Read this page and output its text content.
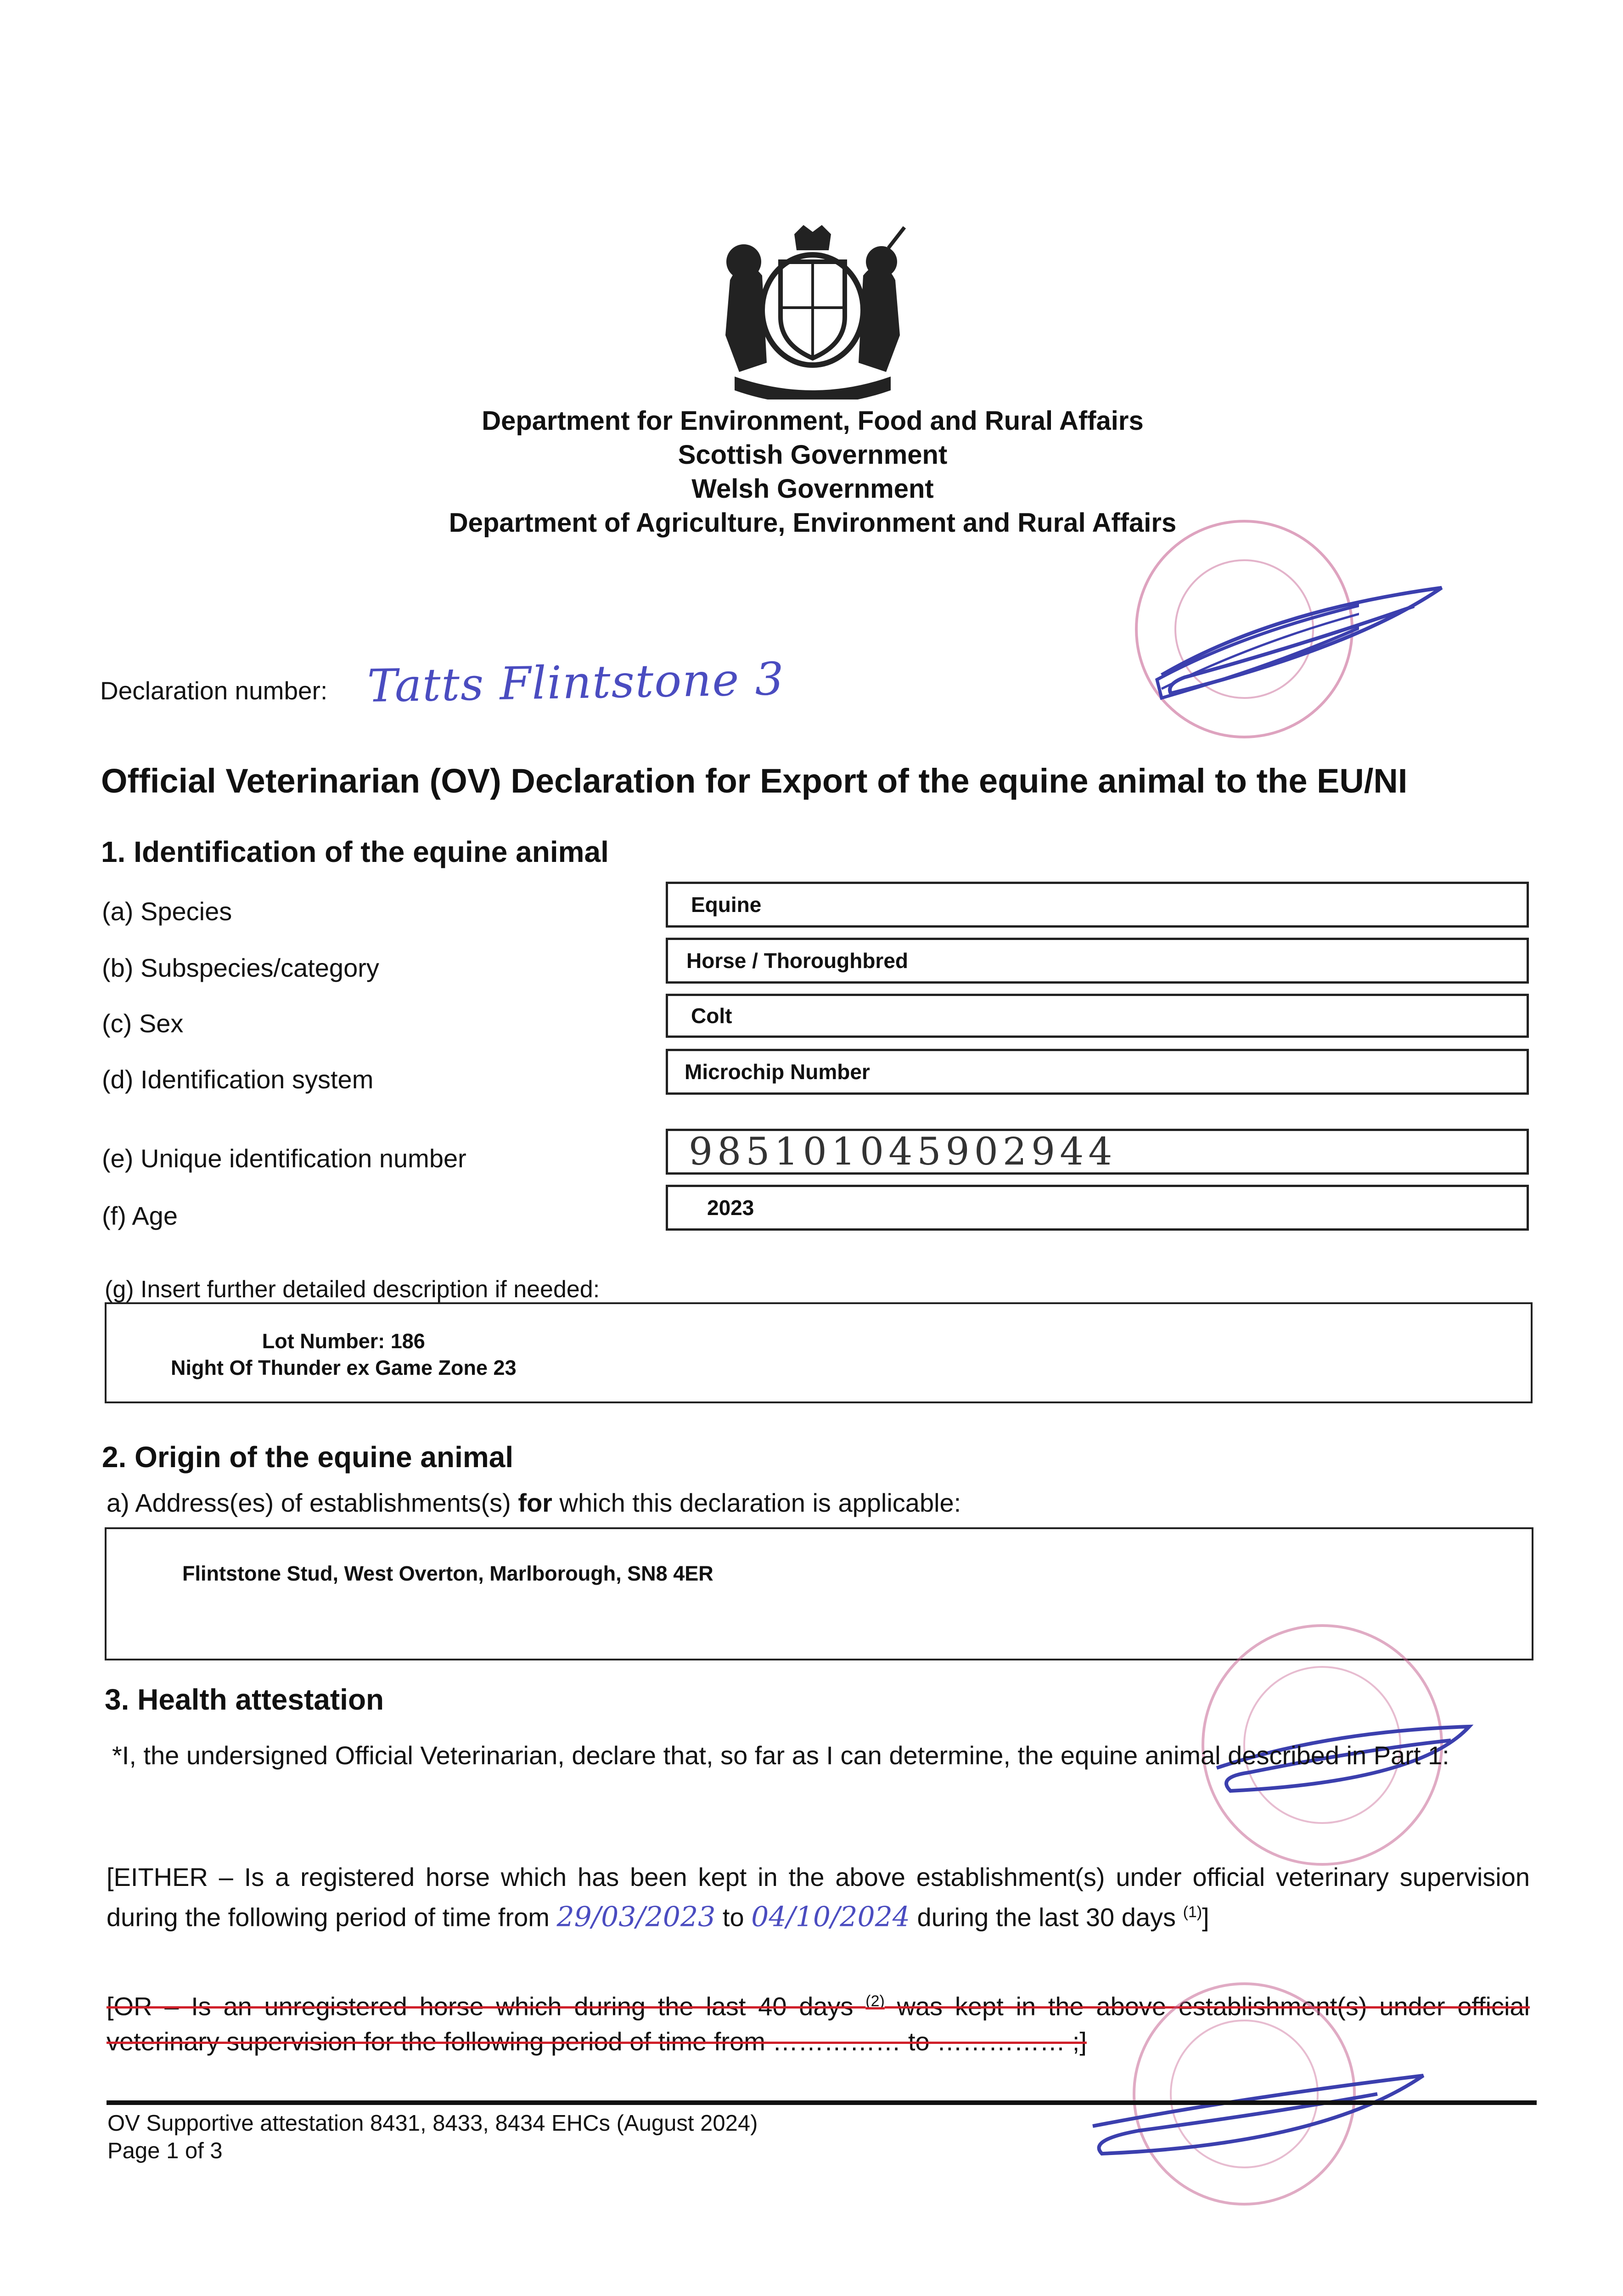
Department for Environment, Food and Rural Affairs
Scottish Government
Welsh Government
Department of Agriculture, Environment and Rural Affairs
Declaration number: Tatts Flintstone 3
Official Veterinarian (OV) Declaration for Export of the equine animal to the EU/NI
1. Identification of the equine animal
(a) Species	Equine
(b) Subspecies/category	Horse / Thoroughbred
(c) Sex	Colt
(d) Identification system	Microchip Number
(e) Unique identification number	985101045902944
(f) Age	2023
(g) Insert further detailed description if needed:
Lot Number: 186
Night Of Thunder ex Game Zone 23
2. Origin of the equine animal
a) Address(es) of establishments(s) for which this declaration is applicable:
Flintstone Stud, West Overton, Marlborough, SN8 4ER
3. Health attestation
*I, the undersigned Official Veterinarian, declare that, so far as I can determine, the equine animal described in Part 1:
[EITHER – Is a registered horse which has been kept in the above establishment(s) under official veterinary supervision during the following period of time from 29/03/2023 to 04/10/2024 during the last 30 days $^{(1)}$]
[OR – Is an unregistered horse which during the last 40 days $^{(2)}$ was kept in the above establishment(s) under official veterinary supervision for the following period of time from …………… to …………… ;]
OV Supportive attestation 8431, 8433, 8434 EHCs (August 2024)
Page 1 of 3
